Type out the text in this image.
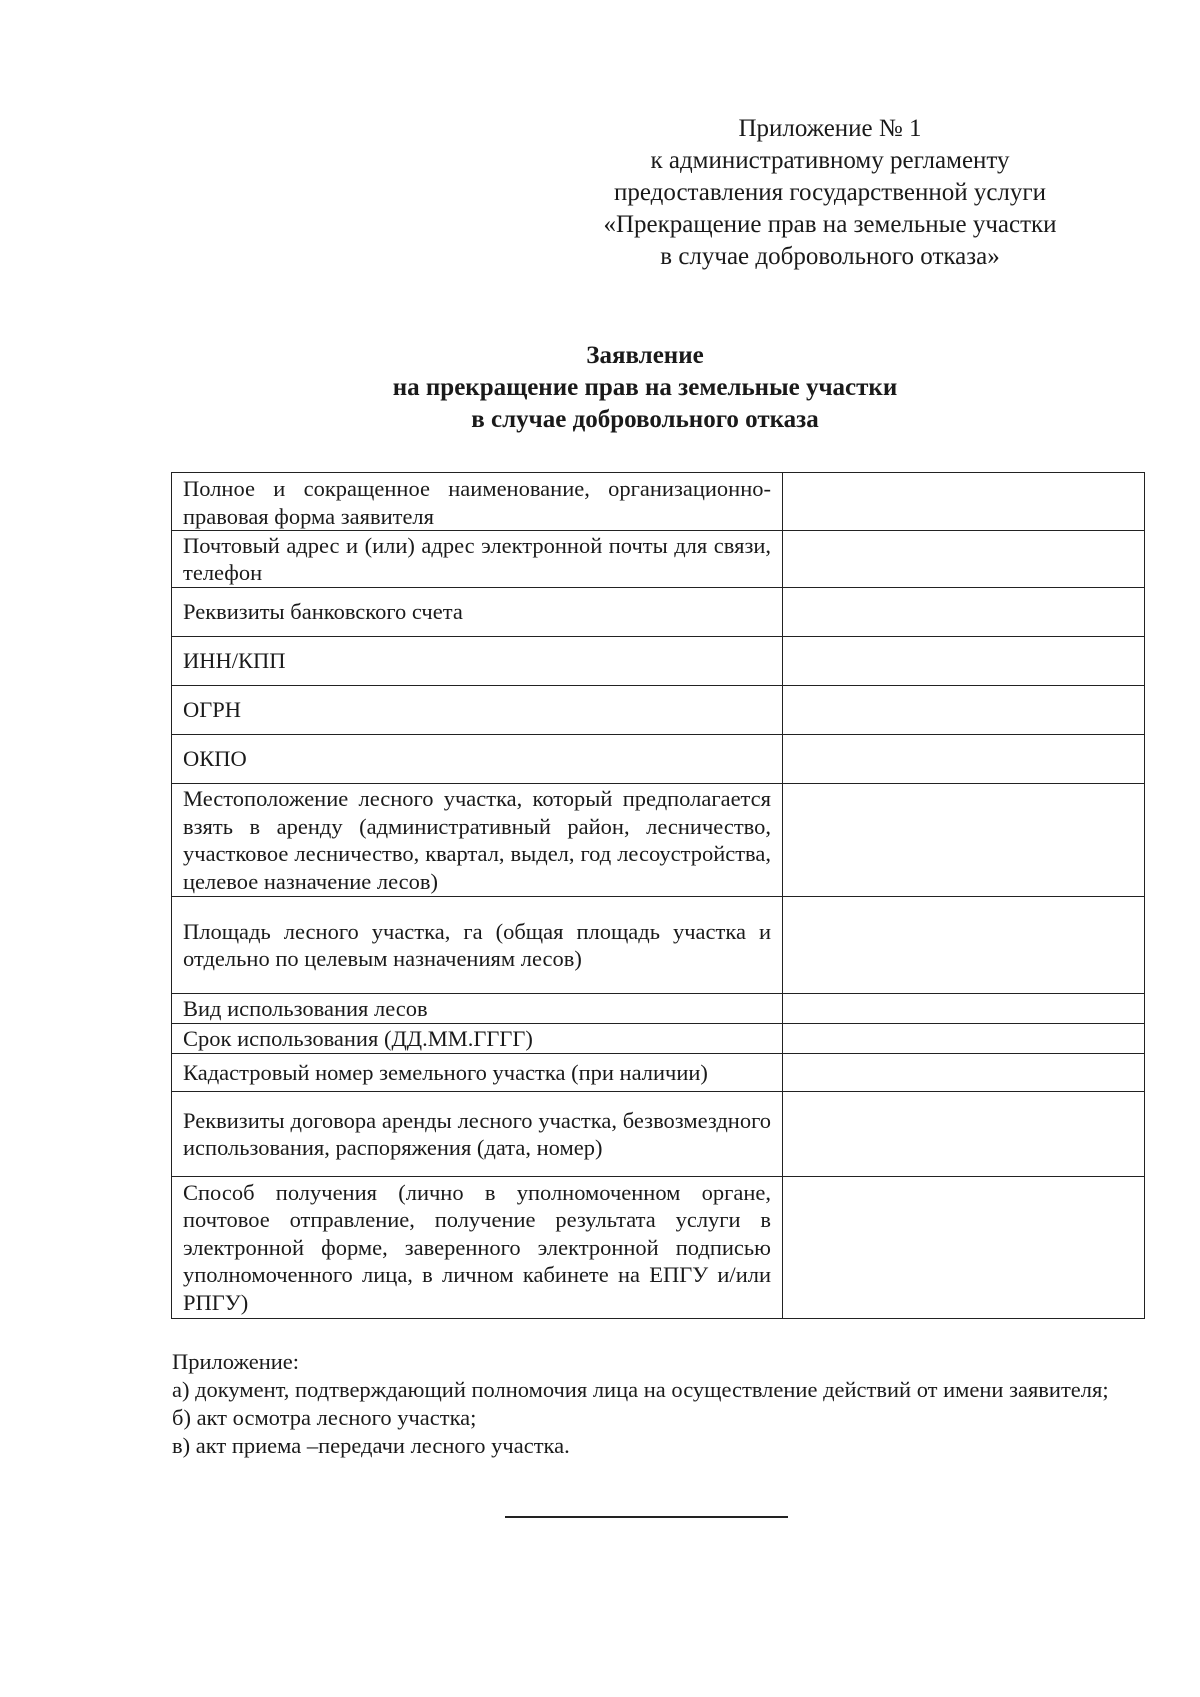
Приложение № 1
к административному регламенту
предоставления государственной услуги
«Прекращение прав на земельные участки
в случае добровольного отказа»
Заявление
на прекращение прав на земельные участки
в случае добровольного отказа
Полное и сокращенное наименование, организационно-правовая форма заявителя	
Почтовый адрес и (или) адрес электронной почты для связи, телефон	
Реквизиты банковского счета	
ИНН/КПП	
ОГРН	
ОКПО	
Местоположение лесного участка, который предполагается взять в аренду (административный район, лесничество, участковое лесничество, квартал, выдел, год лесоустройства, целевое назначение лесов)	
Площадь лесного участка, га (общая площадь участка и отдельно по целевым назначениям лесов)	
Вид использования лесов	
Срок использования (ДД.ММ.ГГГГ)	
Кадастровый номер земельного участка (при наличии)	
Реквизиты договора аренды лесного участка, безвозмездного использования, распоряжения (дата, номер)	
Способ получения (лично в уполномоченном органе, почтовое отправление, получение результата услуги в электронной форме, заверенного электронной подписью уполномоченного лица, в личном кабинете на ЕПГУ и/или РПГУ)	

Приложение:

а) документ, подтверждающий полномочия лица на осуществление действий от имени заявителя;

б) акт осмотра лесного участка;

в) акт приема –передачи лесного участка.
